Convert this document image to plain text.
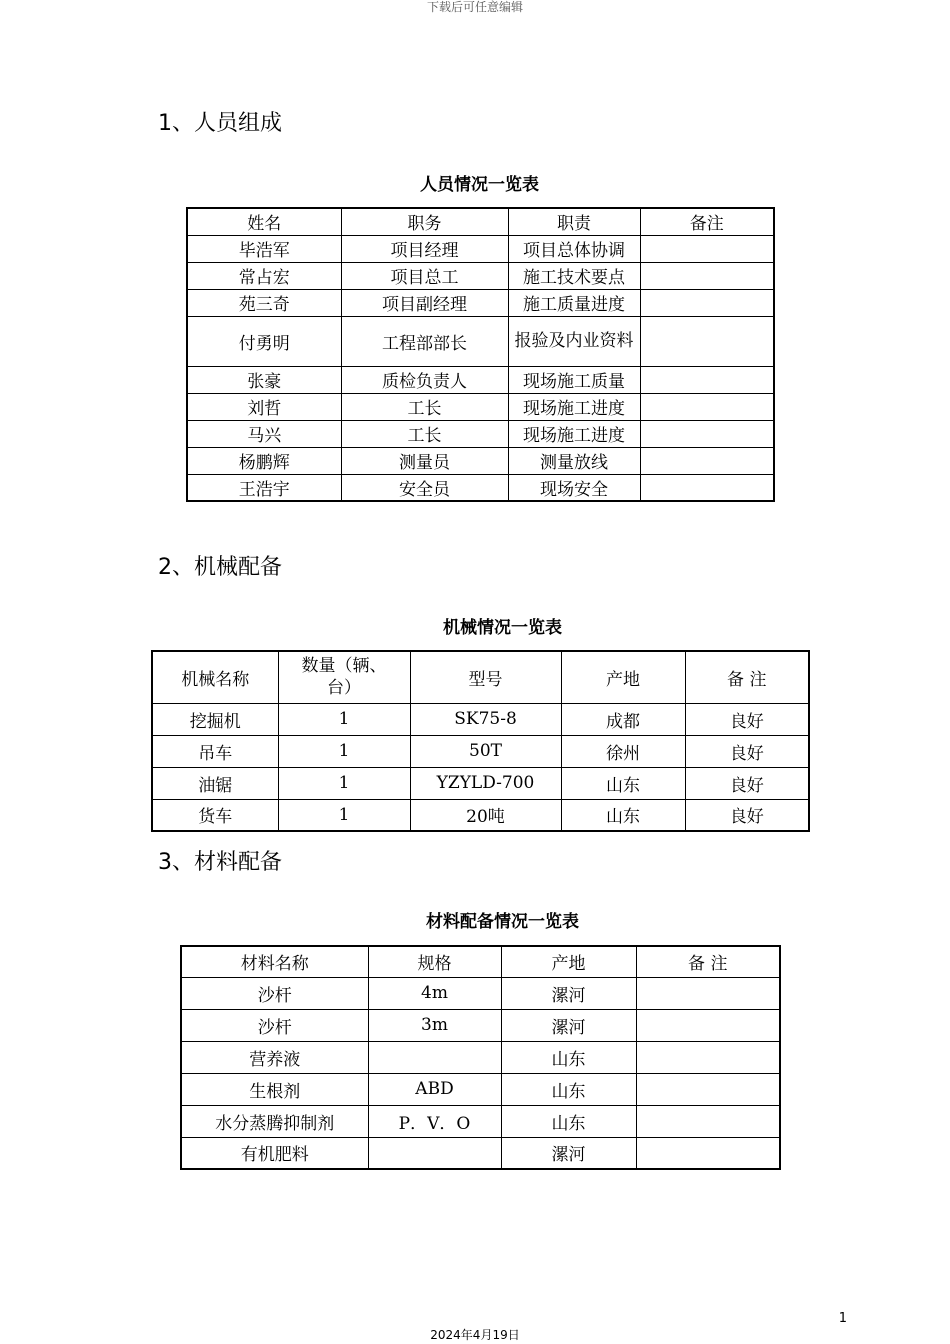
下载后可任意编辑
1、人员组成
人员情况一览表
姓名	职务	职责	备注
毕浩军	项目经理	项目总体协调	
常占宏	项目总工	施工技术要点	
苑三奇	项目副经理	施工质量进度	
付勇明	工程部部长	报验及内业资料	
张豪	质检负责人	现场施工质量	
刘哲	工长	现场施工进度	
马兴	工长	现场施工进度	
杨鹏辉	测量员	测量放线	
王浩宇	安全员	现场安全	
2、机械配备
机械情况一览表
机械名称	数量（辆、台）	型号	产地	备 注
挖掘机	1	SK75-8	成都	良好
吊车	1	50T	徐州	良好
油锯	1	YZYLD-700	山东	良好
货车	1	20吨	山东	良好
3、材料配备
材料配备情况一览表
材料名称	规格	产地	备 注
沙杆	4m	漯河	
沙杆	3m	漯河	
营养液		山东	
生根剂	ABD	山东	
水分蒸腾抑制剂	P．V．O	山东	
有机肥料		漯河	
1
2024年4月19日
